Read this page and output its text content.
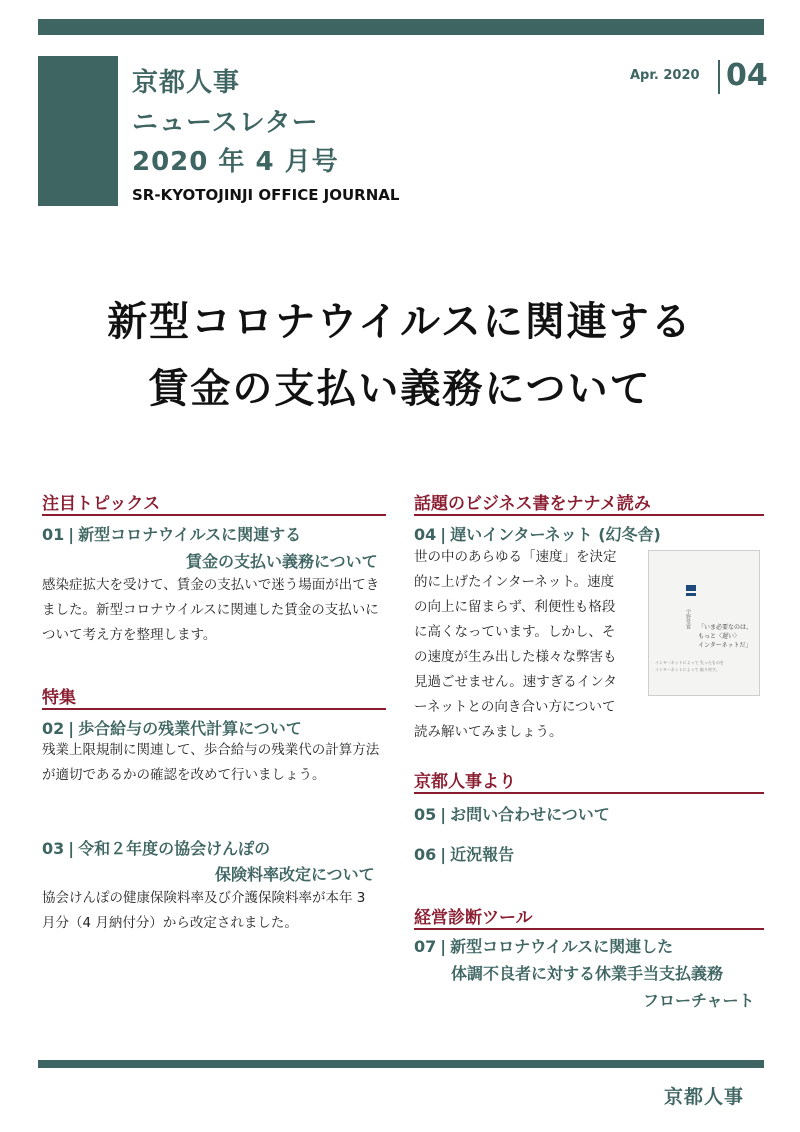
京都人事
ニュースレター
2020 年 4 月号
SR-KYOTOJINJI OFFICE JOURNAL
Apr. 2020 04
新型コロナウイルスに関連する
賃金の支払い義務について
注目トピックス
01 | 新型コロナウイルスに関連する
賃金の支払い義務について
感染症拡大を受けて、賃金の支払いで迷う場面が出てき
ました。新型コロナウイルスに関連した賃金の支払いに
ついて考え方を整理します。
特集
02 | 歩合給与の残業代計算について
残業上限規制に関連して、歩合給与の残業代の計算方法
が適切であるかの確認を改めて行いましょう。
03 | 令和２年度の協会けんぽの
保険料率改定について
協会けんぽの健康保険料率及び介護保険料率が本年 3
月分（4 月納付分）から改定されました。
話題のビジネス書をナナメ読み
04 | 遅いインターネット (幻冬舎)
世の中のあらゆる「速度」を決定
的に上げたインターネット。速度
の向上に留まらず、利便性も格段
に高くなっています。しかし、そ
の速度が生み出した様々な弊害も
見過ごせません。速すぎるインタ
ーネットとの向き合い方について
読み解いてみましょう。
宇野常寛 「いま必要なのは、
もっと〈遅い〉
インターネットだ」
インターネットによって 失ったものを
インターネットによって 取り戻す。
京都人事より
05 | お問い合わせについて
06 | 近況報告
経営診断ツール
07 | 新型コロナウイルスに関連した
体調不良者に対する休業手当支払義務
フローチャート
京都人事
